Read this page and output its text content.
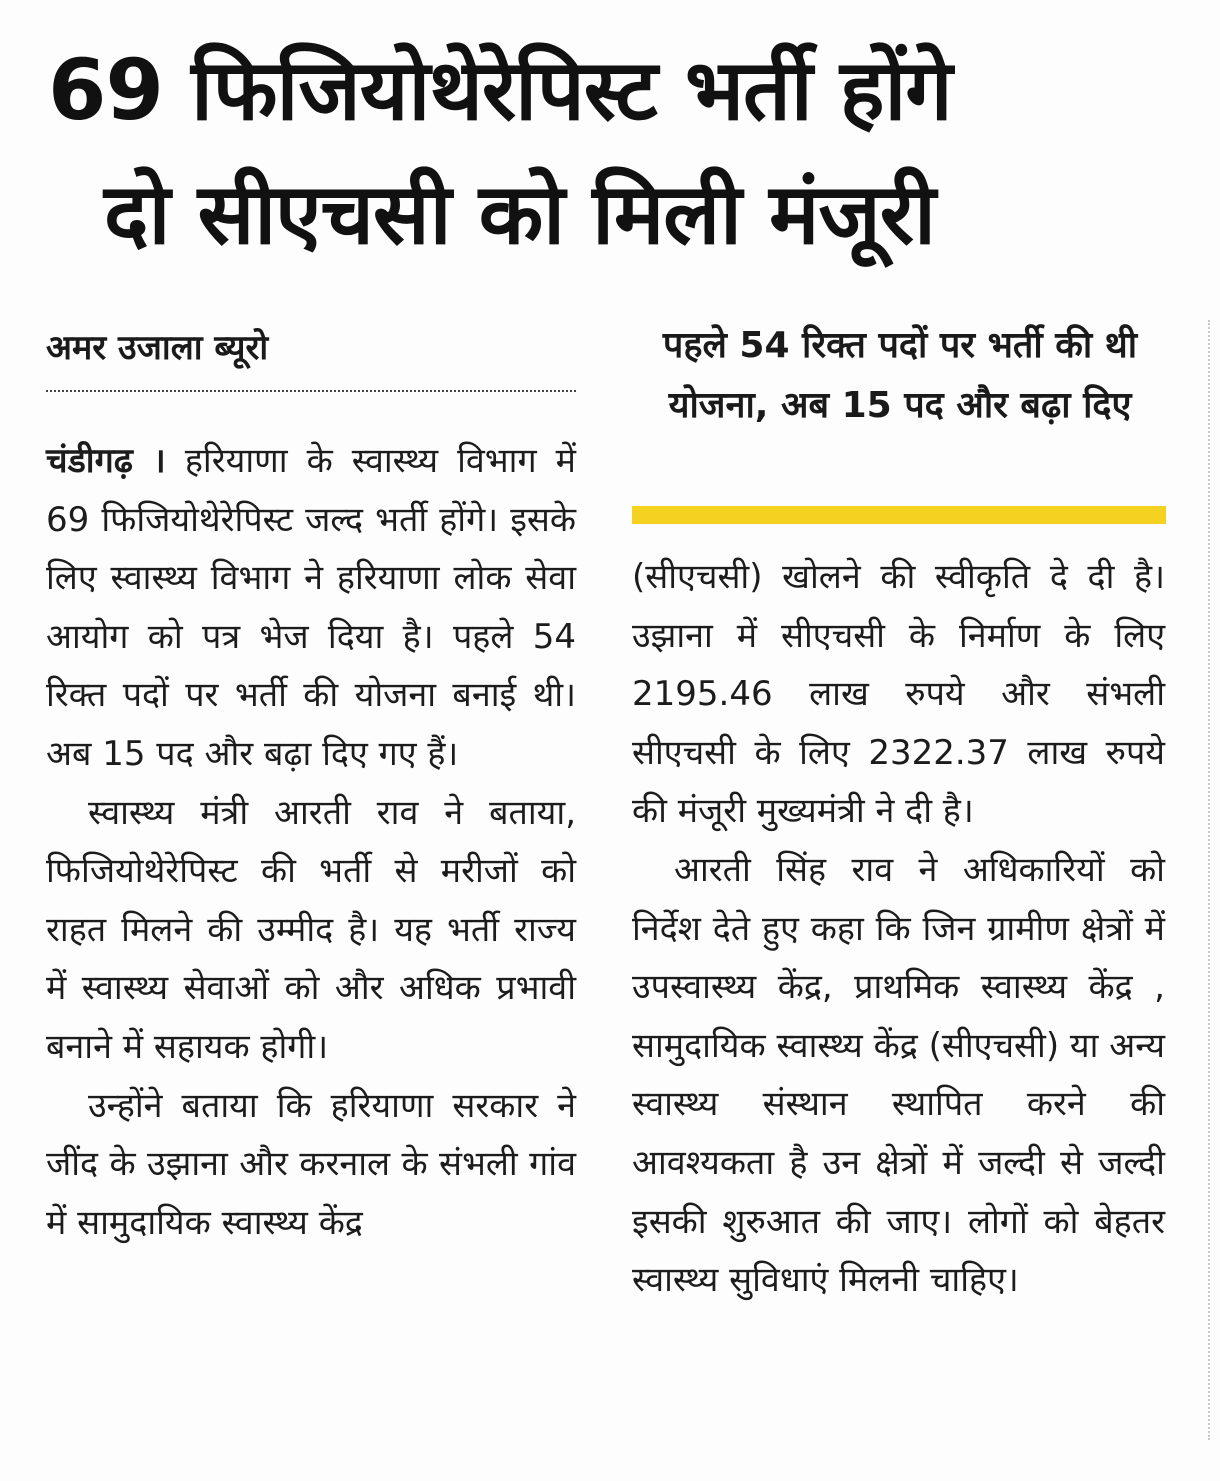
69 फिजियोथेरेपिस्ट भर्ती होंगे
दो सीएचसी को मिली मंजूरी
अमर उजाला ब्यूरो	पहले 54 रिक्त पदों पर भर्ती की थी योजना, अब 15 पद और बढ़ा दिए

चंडीगढ़ । हरियाणा के स्वास्थ्य विभाग में 69 फिजियोथेरेपिस्ट जल्द भर्ती होंगे। इसके लिए स्वास्थ्य विभाग ने हरियाणा लोक सेवा आयोग को पत्र भेज दिया है। पहले 54 रिक्त पदों पर भर्ती की योजना बनाई थी। अब 15 पद और बढ़ा दिए गए हैं।

स्वास्थ्य मंत्री आरती राव ने बताया, फिजियोथेरेपिस्ट की भर्ती से मरीजों को राहत मिलने की उम्मीद है। यह भर्ती राज्य में स्वास्थ्य सेवाओं को और अधिक प्रभावी बनाने में सहायक होगी।

उन्होंने बताया कि हरियाणा सरकार ने जींद के उझाना और करनाल के संभली गांव में सामुदायिक स्वास्थ्य केंद्र

(सीएचसी) खोलने की स्वीकृति दे दी है। उझाना में सीएचसी के निर्माण के लिए 2195.46 लाख रुपये और संभली सीएचसी के लिए 2322.37 लाख रुपये की मंजूरी मुख्यमंत्री ने दी है।

आरती सिंह राव ने अधिकारियों को निर्देश देते हुए कहा कि जिन ग्रामीण क्षेत्रों में उपस्वास्थ्य केंद्र, प्राथमिक स्वास्थ्य केंद्र , सामुदायिक स्वास्थ्य केंद्र (सीएचसी) या अन्य स्वास्थ्य संस्थान स्थापित करने की आवश्यकता है उन क्षेत्रों में जल्दी से जल्दी इसकी शुरुआत की जाए। लोगों को बेहतर स्वास्थ्य सुविधाएं मिलनी चाहिए।
